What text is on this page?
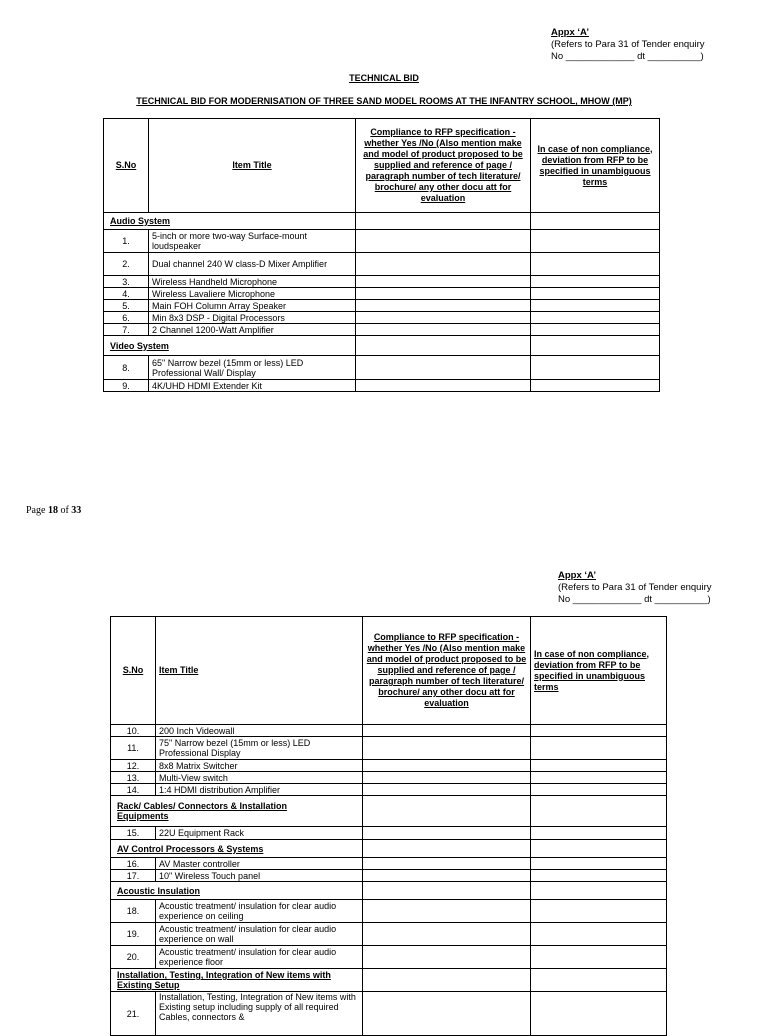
Appx ‘A’
(Refers to Para 31 of Tender enquiry
No _____________ dt __________)
TECHNICAL BID
TECHNICAL BID FOR MODERNISATION OF THREE SAND MODEL ROOMS AT THE INFANTRY SCHOOL, MHOW (MP)
S.No	Item Title	Compliance to RFP specification - whether Yes /No (Also mention make and model of product proposed to be supplied and reference of page / paragraph number of tech literature/ brochure/ any other docu att for evaluation	In case of non compliance, deviation from RFP to be specified in unambiguous terms
Audio System			
1.	5-inch or more two-way Surface-mount loudspeaker		
2.	Dual channel 240 W class-D Mixer Amplifier		
3.	Wireless Handheld Microphone		
4.	Wireless Lavaliere Microphone		
5.	Main FOH Column Array Speaker		
6.	Min 8x3 DSP - Digital Processors		
7.	2 Channel 1200-Watt Amplifier		
Video System			
8.	65" Narrow bezel (15mm or less) LED Professional Wall/ Display		
9.	4K/UHD HDMI Extender Kit		
Page 18 of 33
Appx ‘A’
(Refers to Para 31 of Tender enquiry
No _____________ dt __________)
S.No	Item Title	Compliance to RFP specification - whether Yes /No (Also mention make and model of product proposed to be supplied and reference of page / paragraph number of tech literature/ brochure/ any other docu att for evaluation	In case of non compliance, deviation from RFP to be specified in unambiguous terms
10.	200 Inch Videowall		
11.	75" Narrow bezel (15mm or less) LED Professional Display		
12.	8x8 Matrix Switcher		
13.	Multi-View switch		
14.	1:4 HDMI distribution Amplifier		
Rack/ Cables/ Connectors & Installation Equipments			
15.	22U Equipment Rack		
AV Control Processors & Systems			
16.	AV Master controller		
17.	10" Wireless Touch panel		
Acoustic Insulation			
18.	Acoustic treatment/ insulation for clear audio experience on ceiling		
19.	Acoustic treatment/ insulation for clear audio experience on wall		
20.	Acoustic treatment/ insulation for clear audio experience floor		
Installation, Testing, Integration of New items with Existing Setup			
21.	Installation, Testing, Integration of New items with Existing setup including supply of all required Cables, connectors &		
